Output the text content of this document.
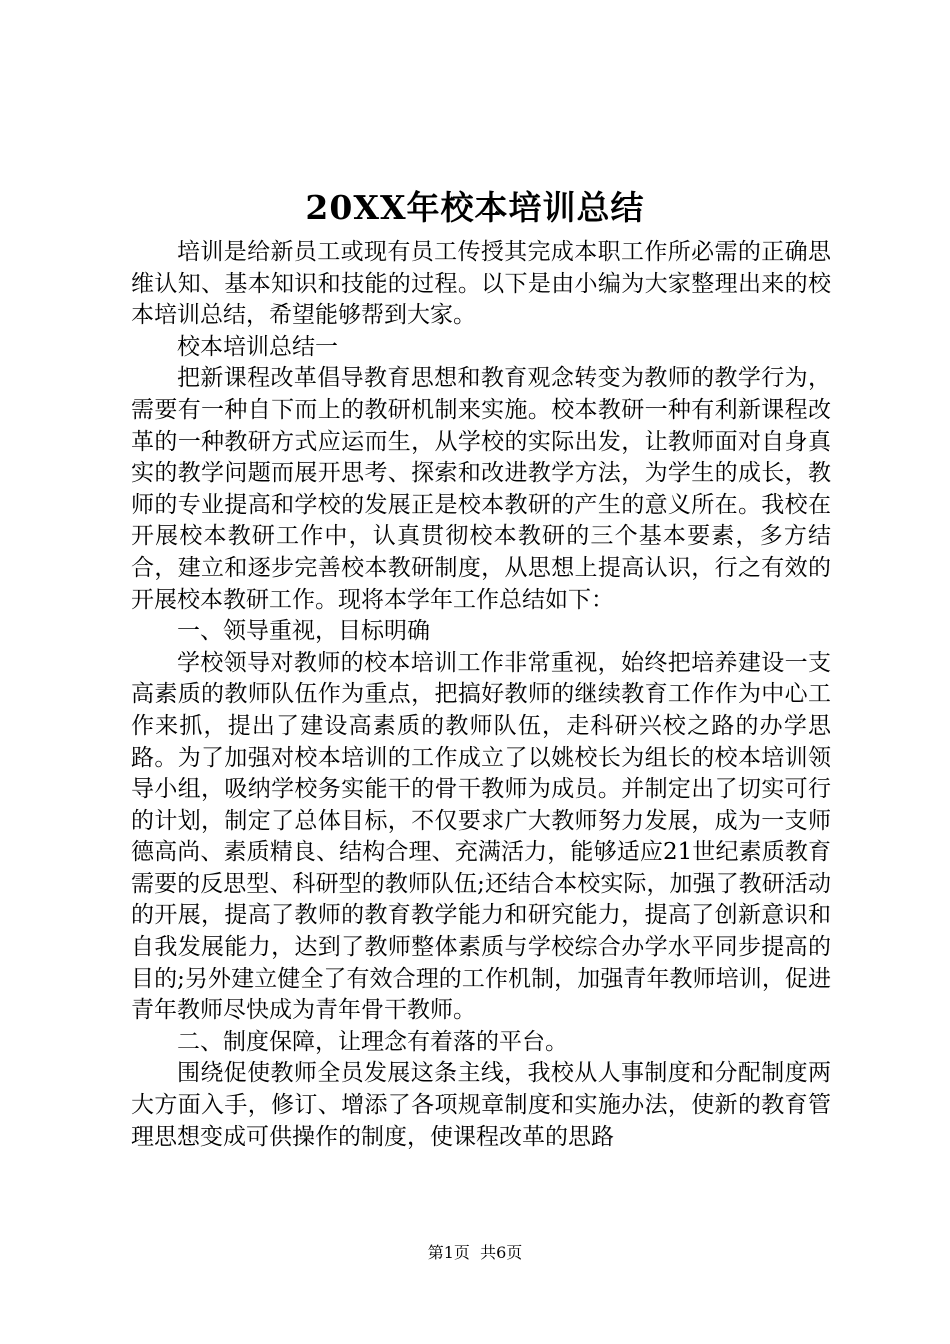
20XX年校本培训总结

培训是给新员工或现有员工传授其完成本职工作所必需的正确思维认知、基本知识和技能的过程。以下是由小编为大家整理出来的校本培训总结，希望能够帮到大家。

校本培训总结一

把新课程改革倡导教育思想和教育观念转变为教师的教学行为，需要有一种自下而上的教研机制来实施。校本教研一种有利新课程改革的一种教研方式应运而生，从学校的实际出发，让教师面对自身真实的教学问题而展开思考、探索和改进教学方法，为学生的成长，教师的专业提高和学校的发展正是校本教研的产生的意义所在。我校在开展校本教研工作中，认真贯彻校本教研的三个基本要素，多方结合，建立和逐步完善校本教研制度，从思想上提高认识，行之有效的开展校本教研工作。现将本学年工作总结如下：

一、领导重视，目标明确

学校领导对教师的校本培训工作非常重视，始终把培养建设一支高素质的教师队伍作为重点，把搞好教师的继续教育工作作为中心工作来抓，提出了建设高素质的教师队伍，走科研兴校之路的办学思路。为了加强对校本培训的工作成立了以姚校长为组长的校本培训领导小组，吸纳学校务实能干的骨干教师为成员。并制定出了切实可行的计划，制定了总体目标，不仅要求广大教师努力发展，成为一支师德高尚、素质精良、结构合理、充满活力，能够适应21世纪素质教育需要的反思型、科研型的教师队伍;还结合本校实际，加强了教研活动的开展，提高了教师的教育教学能力和研究能力，提高了创新意识和自我发展能力，达到了教师整体素质与学校综合办学水平同步提高的目的;另外建立健全了有效合理的工作机制，加强青年教师培训，促进青年教师尽快成为青年骨干教师。

二、制度保障，让理念有着落的平台。

围绕促使教师全员发展这条主线，我校从人事制度和分配制度两大方面入手，修订、增添了各项规章制度和实施办法，使新的教育管理思想变成可供操作的制度，使课程改革的思路

第1页 共6页
